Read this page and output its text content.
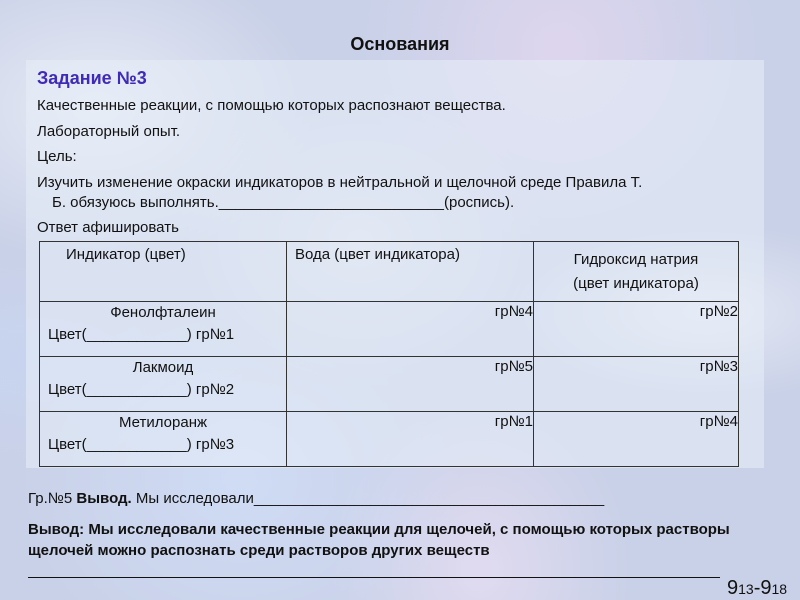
Основания
Задание №3
Качественные реакции, с помощью которых распознают вещества.
Лабораторный опыт.
Цель:
Изучить изменение окраски индикаторов в нейтральной и щелочной среде Правила Т.
Б. обязуюсь выполнять.___________________________(роспись).
Ответ афишировать
Индикатор (цвет)	Вода (цвет индикатора)	Гидроксид натрия
(цвет индикатора)

Фенолфталеин
Цвет(____________) гр№1	гр№4	гр№2

Лакмоид
Цвет(____________) гр№2	гр№5	гр№3

Метилоранж
Цвет(____________) гр№3	гр№1	гр№4
Гр.№5 Вывод. Мы исследовали__________________________________________
Вывод: Мы исследовали качественные реакции для щелочей, с помощью которых растворы щелочей можно распознать среди растворов других веществ
913-918
